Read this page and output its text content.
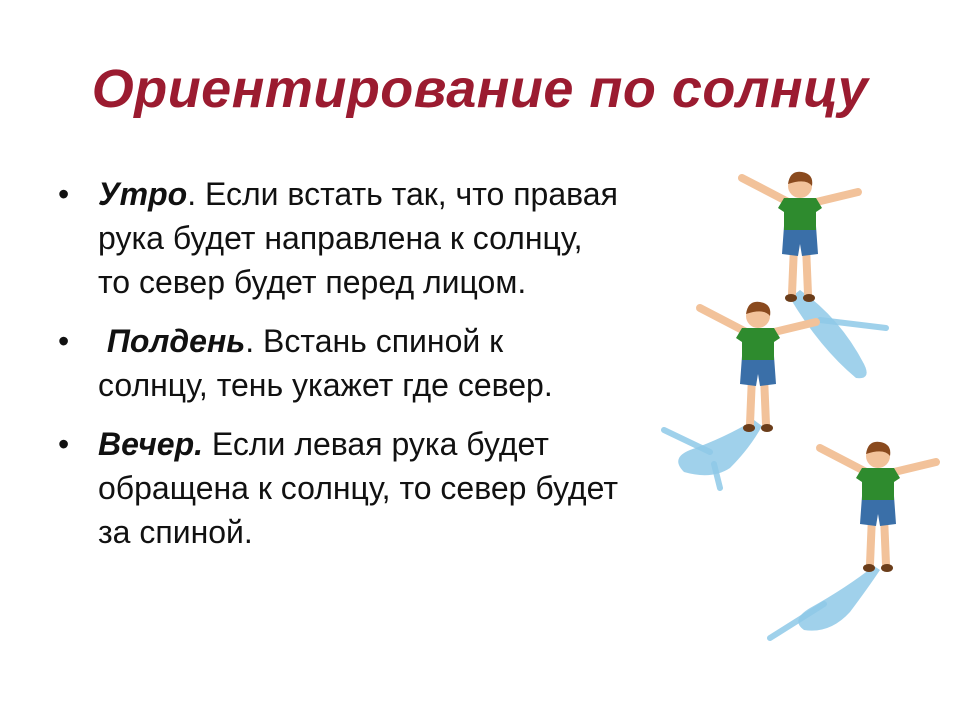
Ориентирование по солнцу
• Утро. Если встать так, что правая рука будет направлена к солнцу, то север будет перед лицом.
• Полдень. Встань спиной к солнцу, тень укажет где север.
• Вечер. Если левая рука будет обращена к солнцу, то север будет за спиной.
